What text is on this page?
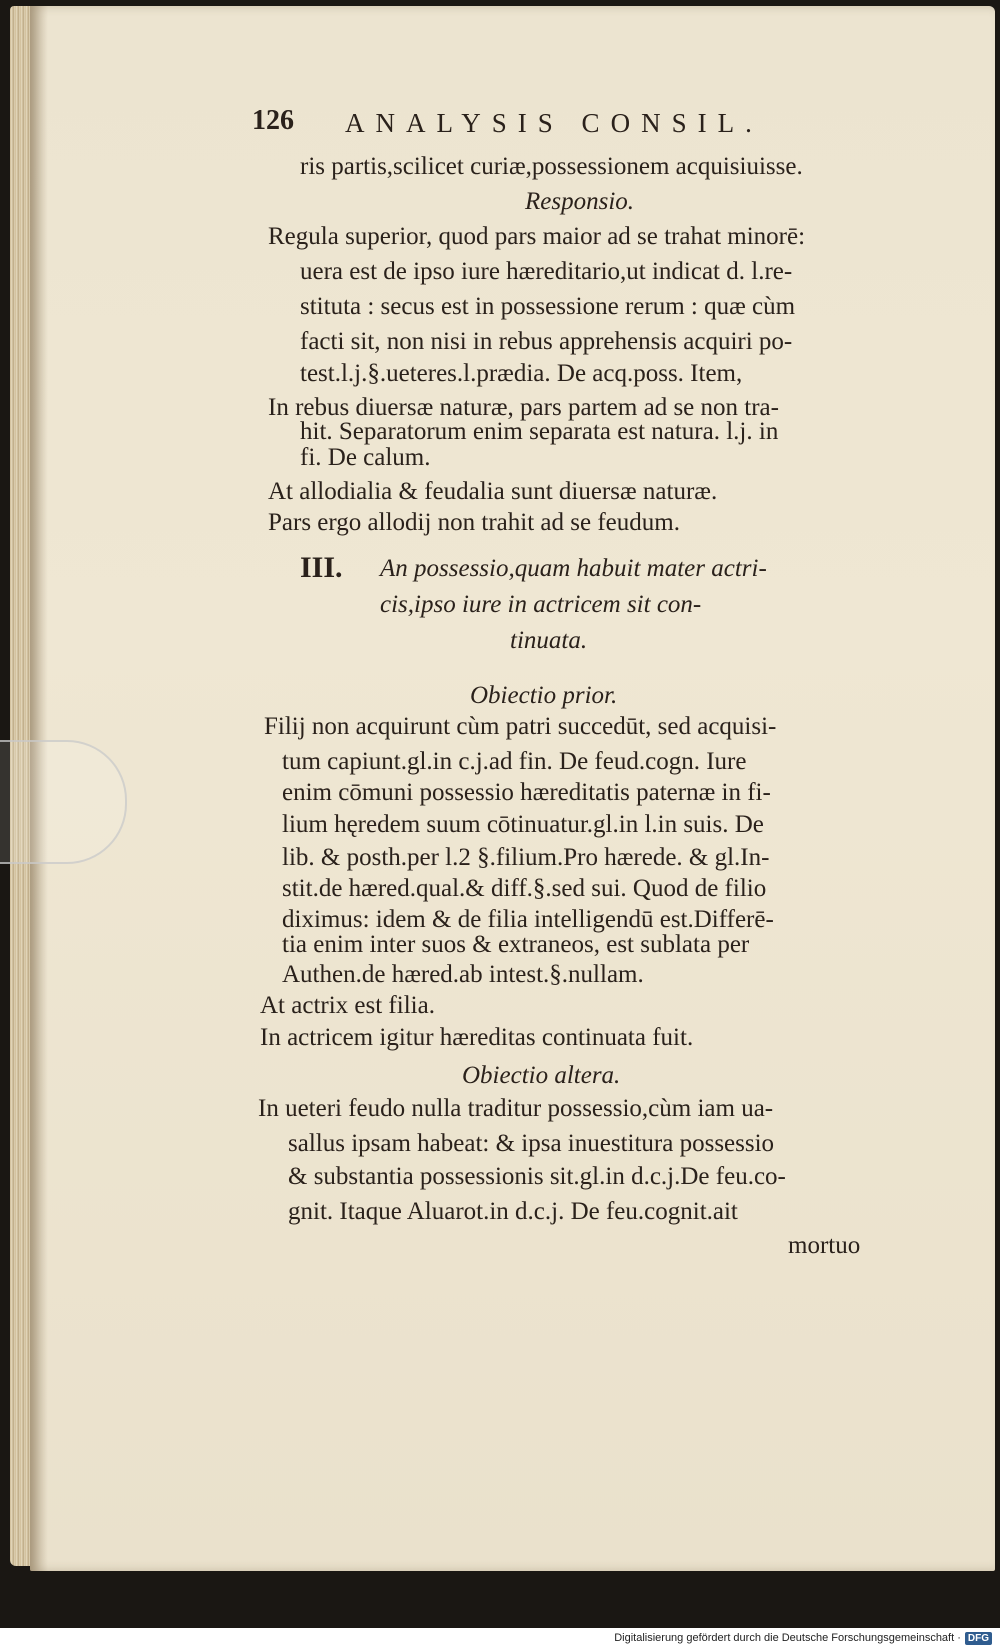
126 ANALYSIS CONSIL.
ris partis,scilicet curiæ,possessionem acquisiuisse.
Responsio.
Regula superior, quod pars maior ad se trahat minorē:
uera est de ipso iure hæreditario,ut indicat d. l.re-
stituta : secus est in possessione rerum : quæ cùm
facti sit, non nisi in rebus apprehensis acquiri po-
test.l.j.§.ueteres.l.prædia. De acq.poss. Item,
In rebus diuersæ naturæ, pars partem ad se non tra-
hit. Separatorum enim separata est natura. l.j. in
fi. De calum.
At allodialia & feudalia sunt diuersæ naturæ.
Pars ergo allodij non trahit ad se feudum.
III. An possessio,quam habuit mater actri-
cis,ipso iure in actricem sit con-
tinuata.
Obiectio prior.
Filij non acquirunt cùm patri succedūt, sed acquisi-
tum capiunt.gl.in c.j.ad fin. De feud.cogn. Iure
enim cōmuni possessio hæreditatis paternæ in fi-
lium hęredem suum cōtinuatur.gl.in l.in suis. De
lib. & posth.per l.2 §.filium.Pro hærede. & gl.In-
stit.de hæred.qual.& diff.§.sed sui. Quod de filio
diximus: idem & de filia intelligendū est.Differē-
tia enim inter suos & extraneos, est sublata per
Authen.de hæred.ab intest.§.nullam.
At actrix est filia.
In actricem igitur hæreditas continuata fuit.
Obiectio altera.
In ueteri feudo nulla traditur possessio,cùm iam ua-
sallus ipsam habeat: & ipsa inuestitura possessio
& substantia possessionis sit.gl.in d.c.j.De feu.co-
gnit. Itaque Aluarot.in d.c.j. De feu.cognit.ait
mortuo
Digitalisierung gefördert durch die Deutsche Forschungsgemeinschaft · DFG
